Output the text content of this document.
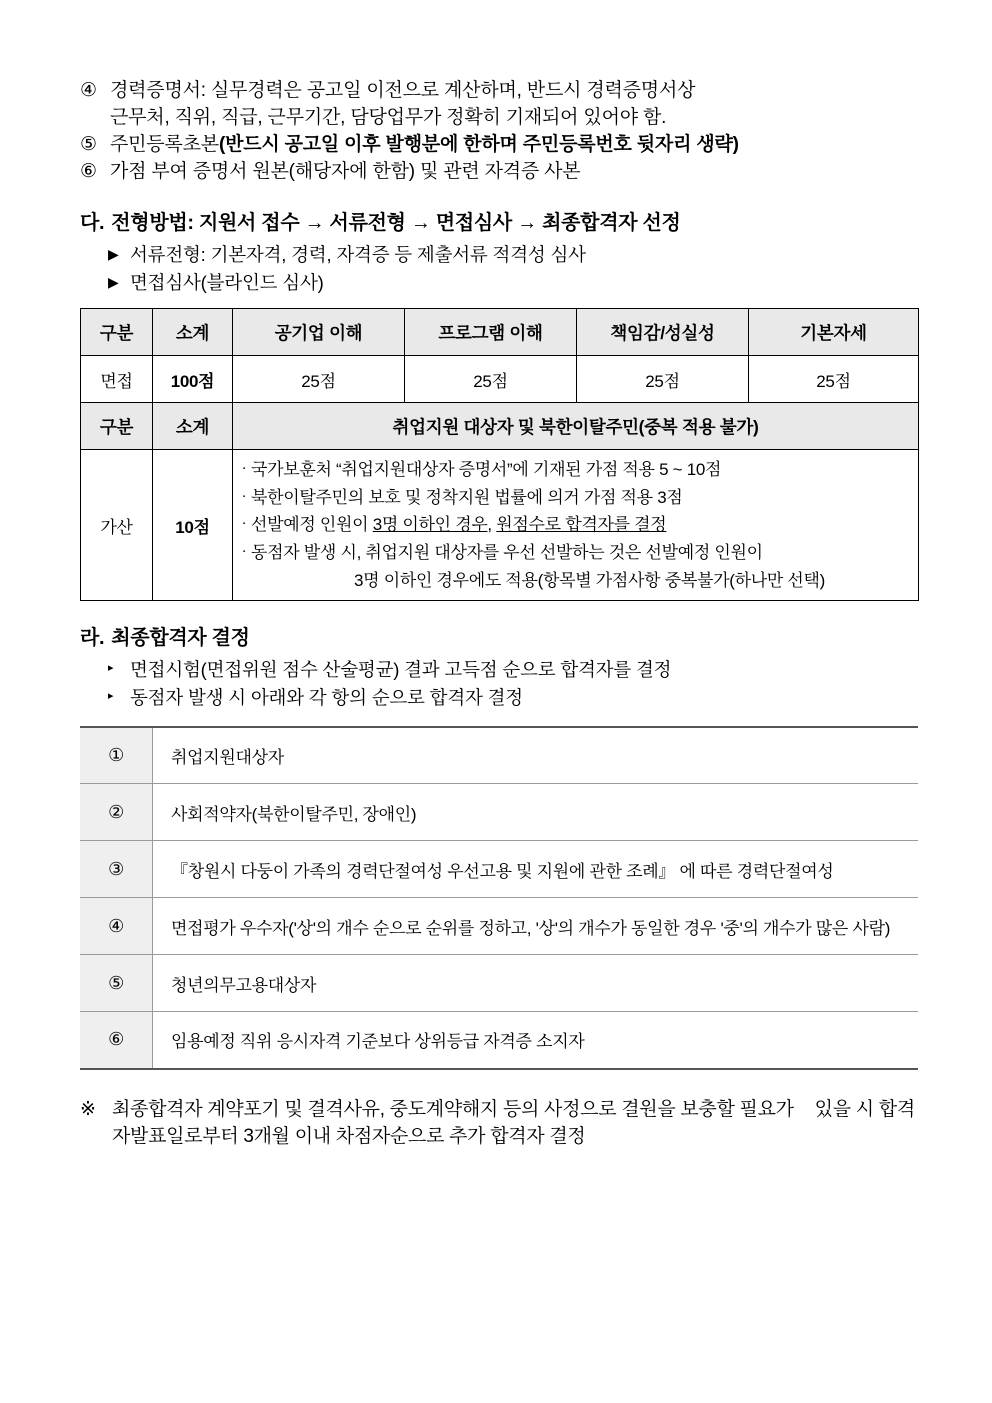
④ 경력증명서: 실무경력은 공고일 이전으로 계산하며, 반드시 경력증명서상
근무처, 직위, 직급, 근무기간, 담당업무가 정확히 기재되어 있어야 함.
⑤ 주민등록초본(반드시 공고일 이후 발행분에 한하며 주민등록번호 뒷자리 생략)
⑥ 가점 부여 증명서 원본(해당자에 한함) 및 관련 자격증 사본
다. 전형방법: 지원서 접수 → 서류전형 → 면접심사 → 최종합격자 선정
▶ 서류전형: 기본자격, 경력, 자격증 등 제출서류 적격성 심사
▶ 면접심사(블라인드 심사)
구분	소계	공기업 이해	프로그램 이해	책임감/성실성	기본자세
면접	100점	25점	25점	25점	25점
구분	소계	취업지원 대상자 및 북한이탈주민(중복 적용 불가)			
가산	10점	
· 국가보훈처 “취업지원대상자 증명서”에 기재된 가점 적용 5 ~ 10점
· 북한이탈주민의 보호 및 정착지원 법률에 의거 가점 적용 3점
· 선발예정 인원이 3명 이하인 경우, 원점수로 합격자를 결정
· 동점자 발생 시, 취업지원 대상자를 우선 선발하는 것은 선발예정 인원이
3명 이하인 경우에도 적용(항목별 가점사항 중복불가(하나만 선택)
라. 최종합격자 결정
▸ 면접시험(면접위원 점수 산술평균) 결과 고득점 순으로 합격자를 결정
▸ 동점자 발생 시 아래와 각 항의 순으로 합격자 결정
①	취업지원대상자
②	사회적약자(북한이탈주민, 장애인)
③	『창원시 다둥이 가족의 경력단절여성 우선고용 및 지원에 관한 조례』 에 따른 경력단절여성
④	면접평가 우수자('상'의 개수 순으로 순위를 정하고, '상'의 개수가 동일한 경우 '중'의 개수가 많은 사람)
⑤	청년의무고용대상자
⑥	임용예정 직위 응시자격 기준보다 상위등급 자격증 소지자
※ 최종합격자 계약포기 및 결격사유, 중도계약해지 등의 사정으로 결원을 보충할 필요가 있을 시 합격자발표일로부터 3개월 이내 차점자순으로 추가 합격자 결정
